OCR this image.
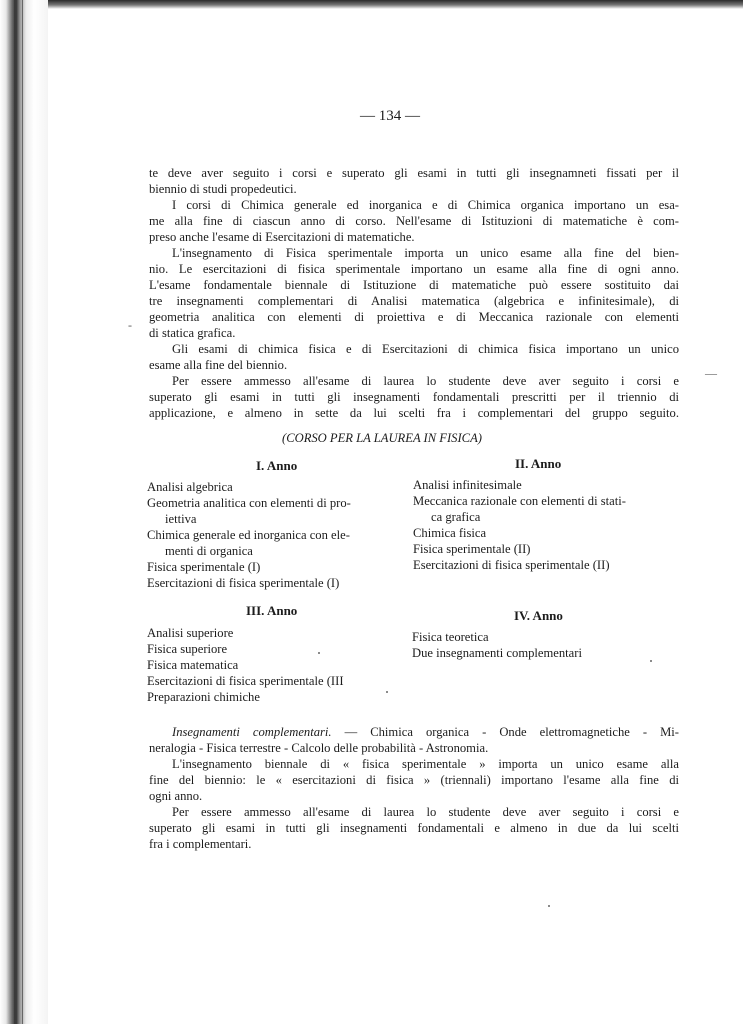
— 134 —
te deve aver seguito i corsi e superato gli esami in tutti gli insegnamneti fissati per il
biennio di studi propedeutici.
I corsi di Chimica generale ed inorganica e di Chimica organica importano un esa-
me alla fine di ciascun anno di corso. Nell'esame di Istituzioni di matematiche è com-
preso anche l'esame di Esercitazioni di matematiche.
L'insegnamento di Fisica sperimentale importa un unico esame alla fine del bien-
nio. Le esercitazioni di fisica sperimentale importano un esame alla fine di ogni anno.
L'esame fondamentale biennale di Istituzione di matematiche può essere sostituito dai
tre insegnamenti complementari di Analisi matematica (algebrica e infinitesimale), di
geometria analitica con elementi di proiettiva e di Meccanica razionale con elementi
di statica grafica.
Gli esami di chimica fisica e di Esercitazioni di chimica fisica importano un unico
esame alla fine del biennio.
Per essere ammesso all'esame di laurea lo studente deve aver seguito i corsi e
superato gli esami in tutti gli insegnamenti fondamentali prescritti per il triennio di
applicazione, e almeno in sette da lui scelti fra i complementari del gruppo seguito.
-
—
(CORSO PER LA LAUREA IN FISICA)
I. Anno
Analisi algebrica
Geometria analitica con elementi di pro-
iettiva
Chimica generale ed inorganica con ele-
menti di organica
Fisica sperimentale (I)
Esercitazioni di fisica sperimentale (I)
II. Anno
Analisi infinitesimale
Meccanica razionale con elementi di stati-
ca grafica
Chimica fisica
Fisica sperimentale (II)
Esercitazioni di fisica sperimentale (II)
III. Anno
Analisi superiore
Fisica superiore
Fisica matematica
Esercitazioni di fisica sperimentale (III
Preparazioni chimiche
IV. Anno
Fisica teoretica
Due insegnamenti complementari
Insegnamenti complementari. — Chimica organica - Onde elettromagnetiche - Mi-
neralogia - Fisica terrestre - Calcolo delle probabilità - Astronomia.
L'insegnamento biennale di « fisica sperimentale » importa un unico esame alla
fine del biennio: le « esercitazioni di fisica » (triennali) importano l'esame alla fine di
ogni anno.
Per essere ammesso all'esame di laurea lo studente deve aver seguito i corsi e
superato gli esami in tutti gli insegnamenti fondamentali e almeno in due da lui scelti
fra i complementari.
